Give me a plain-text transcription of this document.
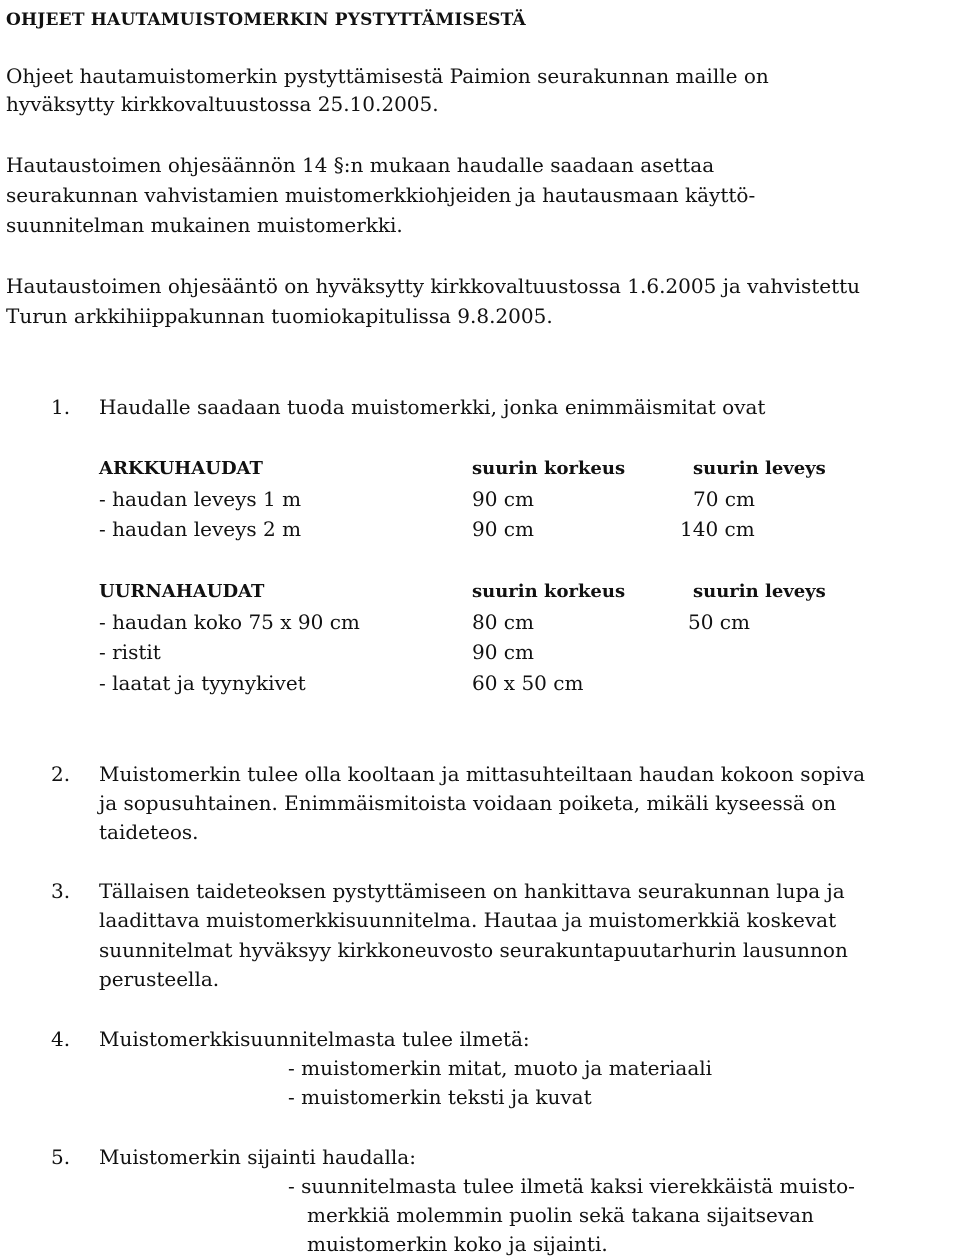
OHJEET HAUTAMUISTOMERKIN PYSTYTTÄMISESTÄ
Ohjeet hautamuistomerkin pystyttämisestä Paimion seurakunnan maille on
hyväksytty kirkkovaltuustossa 25.10.2005.
Hautaustoimen ohjesäännön 14 §:n mukaan haudalle saadaan asettaa
seurakunnan vahvistamien muistomerkkiohjeiden ja hautausmaan käyttö-
suunnitelman mukainen muistomerkki.
Hautaustoimen ohjesääntö on hyväksytty kirkkovaltuustossa 1.6.2005 ja vahvistettu
Turun arkkihiippakunnan tuomiokapitulissa 9.8.2005.
1. Haudalle saadaan tuoda muistomerkki, jonka enimmäismitat ovat
ARKKUHAUDAT	suurin korkeus	suurin leveys
- haudan leveys 1 m	90 cm	70 cm
- haudan leveys 2 m	90 cm	140 cm
UURNAHAUDAT	suurin korkeus	suurin leveys
- haudan koko 75 x 90 cm	80 cm	50 cm
- ristit	90 cm
- laatat ja tyynykivet	60 x 50 cm
2. Muistomerkin tulee olla kooltaan ja mittasuhteiltaan haudan kokoon sopiva
ja sopusuhtainen. Enimmäismitoista voidaan poiketa, mikäli kyseessä on
taideteos.
3. Tällaisen taideteoksen pystyttämiseen on hankittava seurakunnan lupa ja
laadittava muistomerkkisuunnitelma. Hautaa ja muistomerkkiä koskevat
suunnitelmat hyväksyy kirkkoneuvosto seurakuntapuutarhurin lausunnon
perusteella.
4. Muistomerkkisuunnitelmasta tulee ilmetä:
- muistomerkin mitat, muoto ja materiaali
- muistomerkin teksti ja kuvat
5. Muistomerkin sijainti haudalla:
- suunnitelmasta tulee ilmetä kaksi vierekkäistä muisto-
merkkiä molemmin puolin sekä takana sijaitsevan
muistomerkin koko ja sijainti.
